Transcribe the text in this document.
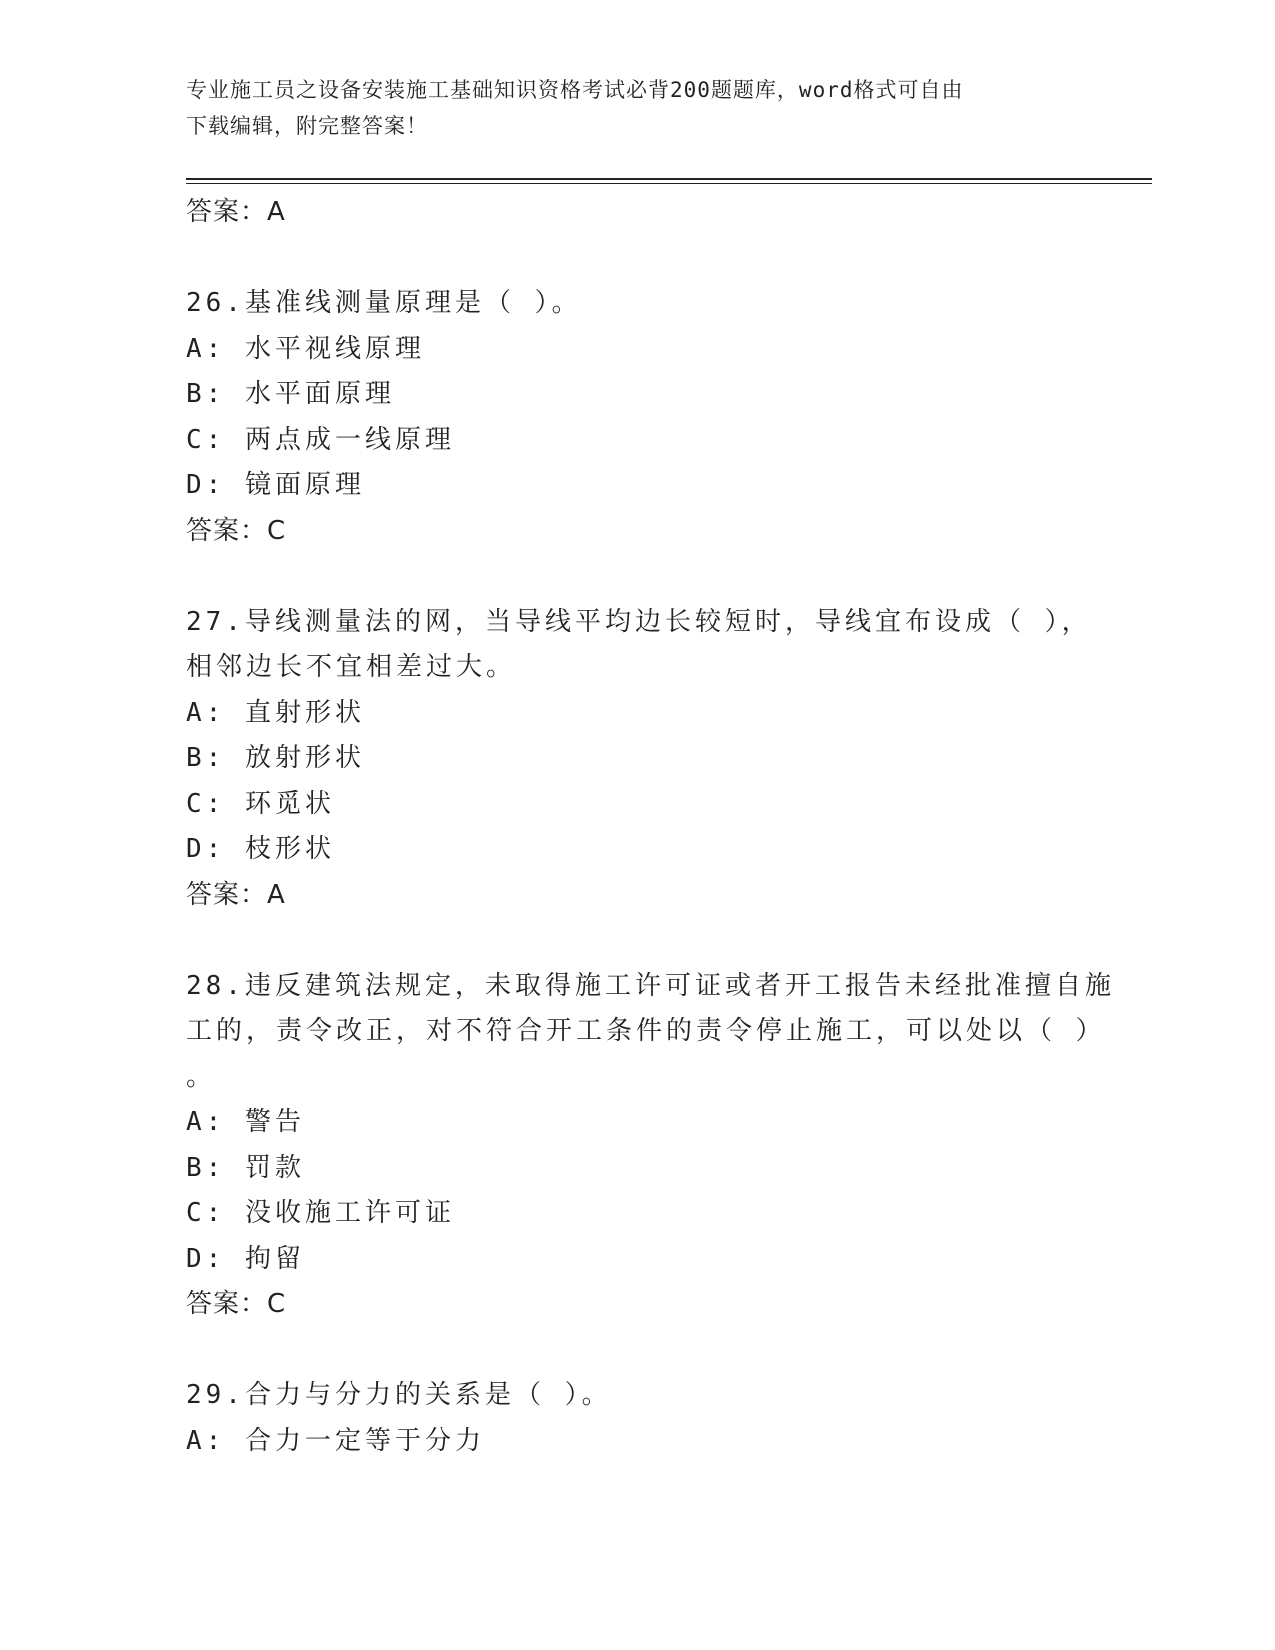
专业施工员之设备安装施工基础知识资格考试必背200题题库，word格式可自由
下载编辑，附完整答案！
答案：A
26.基准线测量原理是（ ）。
A: 水平视线原理
B: 水平面原理
C: 两点成一线原理
D: 镜面原理
答案：C
27.导线测量法的网，当导线平均边长较短时，导线宜布设成（ ），
相邻边长不宜相差过大。
A: 直射形状
B: 放射形状
C: 环觅状
D: 枝形状
答案：A
28.违反建筑法规定，未取得施工许可证或者开工报告未经批准擅自施
工的，责令改正，对不符合开工条件的责令停止施工，可以处以（ ）
。
A: 警告
B: 罚款
C: 没收施工许可证
D: 拘留
答案：C
29.合力与分力的关系是（ ）。
A: 合力一定等于分力
